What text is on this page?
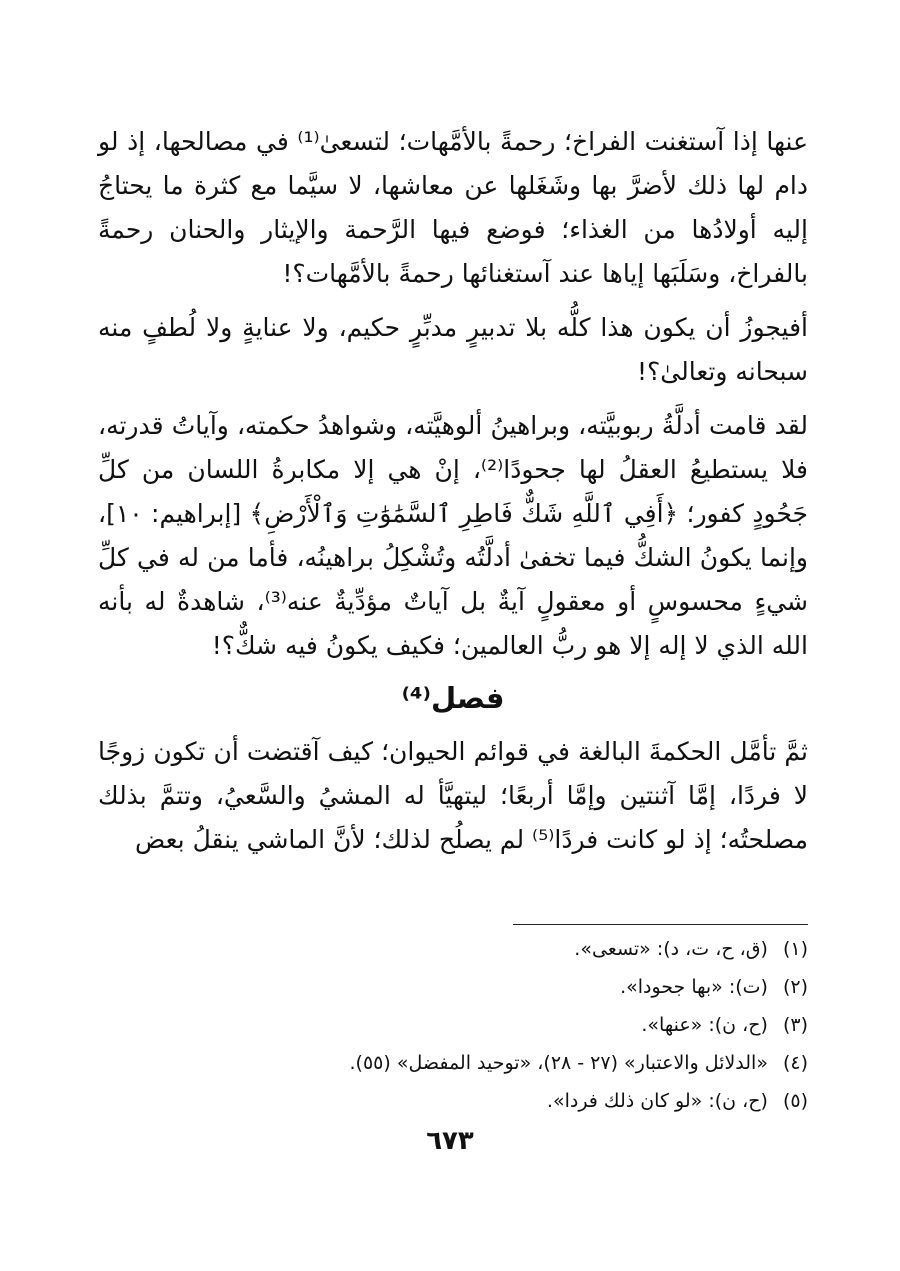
عنها إذا آستغنت الفراخ؛ رحمةً بالأمَّهات؛ لتسعىٰ⁽¹⁾ في مصالحها، إذ لو دام لها ذلك لأضرَّ بها وشَغَلها عن معاشها، لا سيَّما مع كثرة ما يحتاجُ إليه أولادُها من الغذاء؛ فوضع فيها الرَّحمة والإيثار والحنان رحمةً بالفراخ، وسَلَبَها إياها عند آستغنائها رحمةً بالأمَّهات؟!

أفيجوزُ أن يكون هذا كلُّه بلا تدبيرٍ مدبِّرٍ حكيم، ولا عنايةٍ ولا لُطفٍ منه سبحانه وتعالىٰ؟!

لقد قامت أدلَّةُ ربوبيَّته، وبراهينُ ألوهيَّته، وشواهدُ حكمته، وآياتُ قدرته، فلا يستطيعُ العقلُ لها جحودًا⁽²⁾، إنْ هي إلا مكابرةُ اللسان من كلِّ جَحُودٍ كفور؛ ﴿أَفِي ٱللَّهِ شَكٌّ فَاطِرِ ٱلسَّمَٰوَٰتِ وَٱلْأَرْضِ﴾ [إبراهيم: ١٠]، وإنما يكونُ الشكُّ فيما تخفىٰ أدلَّتُه وتُشْكِلُ براهينُه، فأما من له في كلِّ شيءٍ محسوسٍ أو معقولٍ آيةٌ بل آياتٌ مؤدِّيةٌ عنه⁽³⁾، شاهدةٌ له بأنه الله الذي لا إله إلا هو ربُّ العالمين؛ فكيف يكونُ فيه شكٌّ؟!

فصل⁽⁴⁾

ثمَّ تأمَّل الحكمةَ البالغة في قوائم الحيوان؛ كيف آقتضت أن تكون زوجًا لا فردًا، إمَّا آثنتين وإمَّا أربعًا؛ ليتهيَّأ له المشيُ والسَّعيُ، وتتمَّ بذلك مصلحتُه؛ إذ لو كانت فردًا⁽⁵⁾ لم يصلُح لذلك؛ لأنَّ الماشي ينقلُ بعض

(١) (ق، ح، ت، د): «تسعى».

(٢) (ت): «بها جحودا».

(٣) (ح، ن): «عنها».

(٤) «الدلائل والاعتبار» (٢٧ - ٢٨)، «توحيد المفضل» (٥٥).

(٥) (ح، ن): «لو كان ذلك فردا».

٦٧٣
